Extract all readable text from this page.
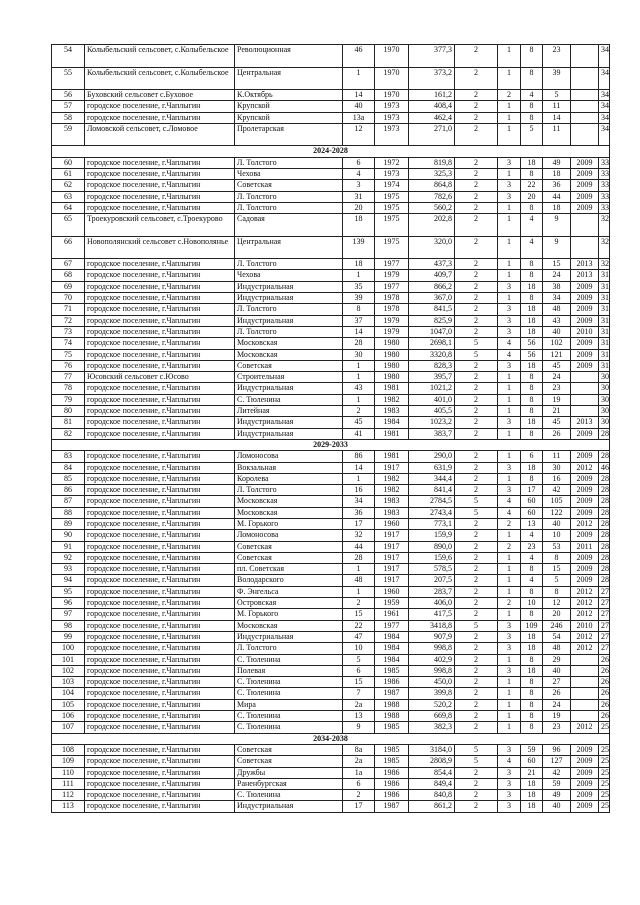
54	Колыбельский сельсовет, с.Колыбельское	Революционная	46	1970	377,3	2	1	8	23		34
55	Колыбельский сельсовет, с.Колыбельское	Центральная	1	1970	373,2	2	1	8	39		34
56	Буховский сельсовет с.Буховое	К.Октябрь	14	1970	161,2	2	2	4	5		34
57	городское поселение, г.Чаплыгин	Крупской	40	1973	408,4	2	1	8	11		34
58	городское поселение, г.Чаплыгин	Крупской	13а	1973	462,4	2	1	8	14		34
59	Ломовской сельсовет, с.Ломовое	Пролетарская	12	1973	271,0	2	1	5	11		34
2024-2028											
60	городское поселение, г.Чаплыгин	Л. Толстого	6	1972	819,8	2	3	18	49	2009	33
61	городское поселение, г.Чаплыгин	Чехова	4	1973	325,3	2	1	8	18	2009	33
62	городское поселение, г.Чаплыгин	Советская	3	1974	864,8	2	3	22	36	2009	33
63	городское поселение, г.Чаплыгин	Л. Толстого	31	1975	782,6	2	3	20	44	2009	33
64	городское поселение, г.Чаплыгин	Л. Толстого	20	1975	560,2	2	1	8	18	2009	33
65	Троекуровский сельсовет, с.Троекурово	Садовая	18	1975	202,8	2	1	4	9		32
66	Новополянский сельсовет с.Новополянье	Центральная	139	1975	320,0	2	1	4	9		32
67	городское поселение, г.Чаплыгин	Л. Толстого	18	1977	437,3	2	1	8	15	2013	32
68	городское поселение, г.Чаплыгин	Чехова	1	1979	409,7	2	1	8	24	2013	31
69	городское поселение, г.Чаплыгин	Индустриальная	35	1977	866,2	2	3	18	38	2009	31
70	городское поселение, г.Чаплыгин	Индустриальная	39	1978	367,0	2	1	8	34	2009	31
71	городское поселение, г.Чаплыгин	Л. Толстого	8	1978	841,5	2	3	18	48	2009	31
72	городское поселение, г.Чаплыгин	Индустриальная	37	1979	825,9	2	3	18	43	2009	31
73	городское поселение, г.Чаплыгин	Л. Толстого	14	1979	1047,0	2	3	18	40	2010	31
74	городское поселение, г.Чаплыгин	Московская	28	1980	2698,1	5	4	56	102	2009	31
75	городское поселение, г.Чаплыгин	Московская	30	1980	3320,8	5	4	56	121	2009	31
76	городское поселение, г.Чаплыгин	Советская	1	1980	828,3	2	3	18	45	2009	31
77	Юсовский сельсовет с.Юсово	Строительная	1	1980	395,7	2	1	8	24		30
78	городское поселение, г.Чаплыгин	Индустриальная	43	1981	1021,2	2	1	8	23		30
79	городское поселение, г.Чаплыгин	С. Тюленина	1	1982	401,0	2	1	8	19		30
80	городское поселение, г.Чаплыгин	Литейная	2	1983	405,5	2	1	8	21		30
81	городское поселение, г.Чаплыгин	Индустриальная	45	1984	1023,2	2	3	18	45	2013	30
82	городское поселение, г.Чаплыгин	Индустриальная	41	1981	383,7	2	1	8	26	2009	28
2029-2033											
83	городское поселение, г.Чаплыгин	Ломоносова	86	1981	290,0	2	1	6	11	2009	28
84	городское поселение, г.Чаплыгин	Вокзальная	14	1917	631,9	2	3	18	30	2012	46
85	городское поселение, г.Чаплыгин	Королева	1	1982	344,4	2	1	8	16	2009	28
86	городское поселение, г.Чаплыгин	Л. Толстого	16	1982	841,4	2	3	17	42	2009	28
87	городское поселение, г.Чаплыгин	Московская	34	1983	2784,5	5	4	60	105	2009	28
88	городское поселение, г.Чаплыгин	Московская	36	1983	2743,4	5	4	60	122	2009	28
89	городское поселение, г.Чаплыгин	М. Горького	17	1960	773,1	2	2	13	40	2012	28
90	городское поселение, г.Чаплыгин	Ломоносова	32	1917	159,9	2	1	4	10	2009	28
91	городское поселение, г.Чаплыгин	Советская	44	1917	890,0	2	2	23	53	2011	28
92	городское поселение, г.Чаплыгин	Советская	28	1917	159,6	2	1	4	8	2009	28
93	городское поселение, г.Чаплыгин	пл. Советская	1	1917	578,5	2	1	8	15	2009	28
94	городское поселение, г.Чаплыгин	Володарского	48	1917	207,5	2	1	4	5	2009	28
95	городское поселение, г.Чаплыгин	Ф. Энгельса	1	1960	283,7	2	1	8	8	2012	27
96	городское поселение, г.Чаплыгин	Островская	2	1959	406,0	2	2	10	12	2012	27
97	городское поселение, г.Чаплыгин	М. Горького	15	1961	417,5	2	1	8	20	2012	27
98	городское поселение, г.Чаплыгин	Московская	22	1977	3418,8	5	3	109	246	2010	27
99	городское поселение, г.Чаплыгин	Индустриальная	47	1984	907,9	2	3	18	54	2012	27
100	городское поселение, г.Чаплыгин	Л. Толстого	10	1984	998,8	2	3	18	48	2012	27
101	городское поселение, г.Чаплыгин	С. Тюленина	5	1984	402,9	2	1	8	29		26
102	городское поселение, г.Чаплыгин	Полевая	6	1985	998,8	2	3	18	40		26
103	городское поселение, г.Чаплыгин	С. Тюленина	15	1986	450,0	2	1	8	27		26
104	городское поселение, г.Чаплыгин	С. Тюленина	7	1987	399,8	2	1	8	26		26
105	городское поселение, г.Чаплыгин	Мира	2а	1988	520,2	2	1	8	24		26
106	городское поселение, г.Чаплыгин	С. Тюленина	13	1988	669,8	2	1	8	19		26
107	городское поселение, г.Чаплыгин	С. Тюленина	9	1985	382,3	2	1	8	23	2012	25
2034-2038											
108	городское поселение, г.Чаплыгин	Советская	8а	1985	3184,0	5	3	59	96	2009	25
109	городское поселение, г.Чаплыгин	Советская	2а	1985	2808,9	5	4	60	127	2009	25
110	городское поселение, г.Чаплыгин	Дружбы	1а	1986	854,4	2	3	21	42	2009	25
111	городское поселение, г.Чаплыгин	Раненбургская	6	1986	849,4	2	3	18	59	2009	25
112	городское поселение, г.Чаплыгин	С. Тюленина	2	1986	840,8	2	3	18	49	2009	25
113	городское поселение, г.Чаплыгин	Индустриальная	17	1987	861,2	2	3	18	40	2009	25
